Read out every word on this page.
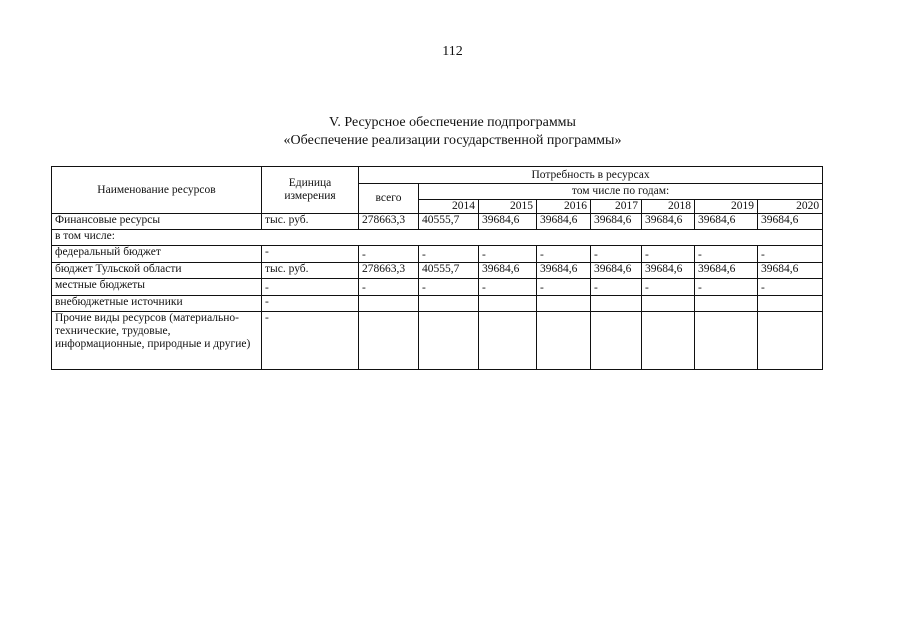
112
V. Ресурсное обеспечение подпрограммы
«Обеспечение реализации государственной программы»
Наименование ресурсов	Единица измерения	Потребность в ресурсах							
		всего	том числе по годам:						
			2014	2015	2016	2017	2018	2019	2020
Финансовые ресурсы	тыс. руб.	278663,3	40555,7	39684,6	39684,6	39684,6	39684,6	39684,6	39684,6
в том числе:									
федеральный бюджет	-	-	-	-	-	-	-	-	-
бюджет Тульской области	тыс. руб.	278663,3	40555,7	39684,6	39684,6	39684,6	39684,6	39684,6	39684,6
местные бюджеты	-	-	-	-	-	-	-	-	-
внебюджетные источники	-								
Прочие виды ресурсов (материально-технические, трудовые, информационные, природные и другие)	-								
